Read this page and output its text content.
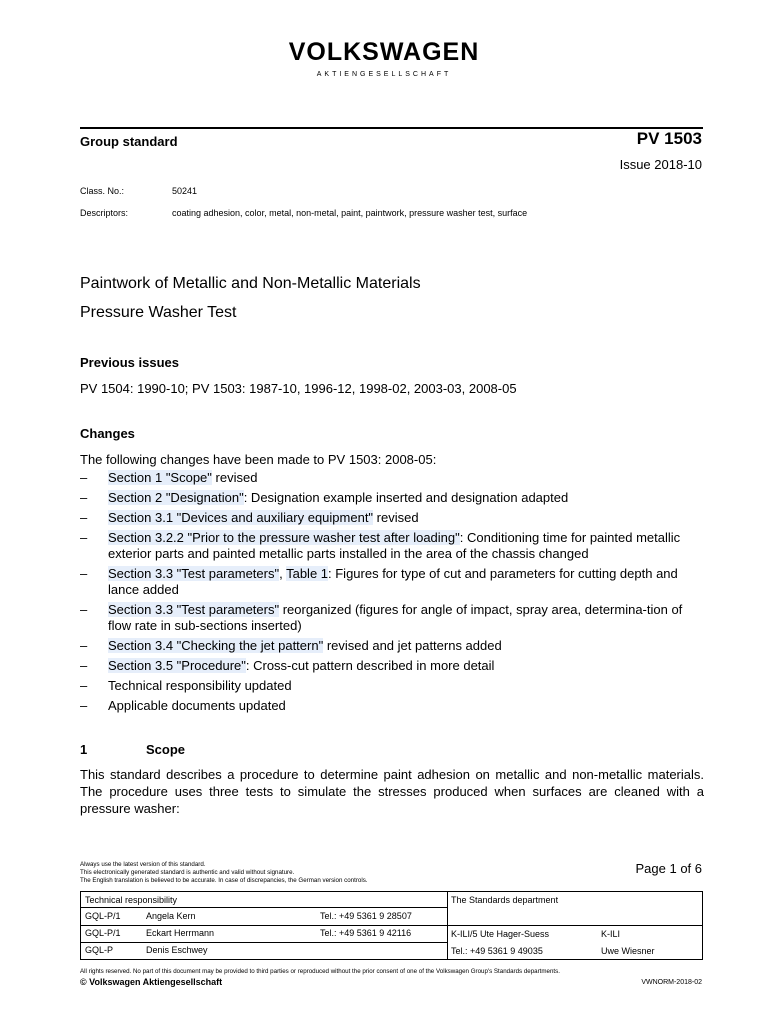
VOLKSWAGEN
AKTIENGESELLSCHAFT
Group standard	PV 1503
Issue 2018-10
Class. No.:	50241
Descriptors:	coating adhesion, color, metal, non-metal, paint, paintwork, pressure washer test, surface
Paintwork of Metallic and Non-Metallic Materials
Pressure Washer Test
Previous issues
PV 1504: 1990-10; PV 1503: 1987-10, 1996-12, 1998-02, 2003-03, 2008-05
Changes
The following changes have been made to PV 1503: 2008-05:
–	Section 1 "Scope" revised
–	Section 2 "Designation": Designation example inserted and designation adapted
–	Section 3.1 "Devices and auxiliary equipment" revised
–	Section 3.2.2 "Prior to the pressure washer test after loading": Conditioning time for painted metallic exterior parts and painted metallic parts installed in the area of the chassis changed
–	Section 3.3 "Test parameters", Table 1: Figures for type of cut and parameters for cutting depth and lance added
–	Section 3.3 "Test parameters" reorganized (figures for angle of impact, spray area, determina-tion of flow rate in sub-sections inserted)
–	Section 3.4 "Checking the jet pattern" revised and jet patterns added
–	Section 3.5 "Procedure": Cross-cut pattern described in more detail
–	Technical responsibility updated
–	Applicable documents updated
1	Scope
This standard describes a procedure to determine paint adhesion on metallic and non-metallic materials. The procedure uses three tests to simulate the stresses produced when surfaces are cleaned with a pressure washer:
Always use the latest version of this standard.
This electronically generated standard is authentic and valid without signature.
The English translation is believed to be accurate. In case of discrepancies, the German version controls.
Page 1 of 6
Technical responsibility
GQL-P/1	Angela Kern	Tel.: +49 5361 9 28507
GQL-P/1	Eckart Herrmann	Tel.: +49 5361 9 42116
GQL-P	Denis Eschwey
The Standards department
K-ILI/5 Ute Hager-Suess	K-ILI
Tel.: +49 5361 9 49035	Uwe Wiesner
All rights reserved. No part of this document may be provided to third parties or reproduced without the prior consent of one of the Volkswagen Group's Standards departments.
© Volkswagen Aktiengesellschaft	VWNORM-2018-02
